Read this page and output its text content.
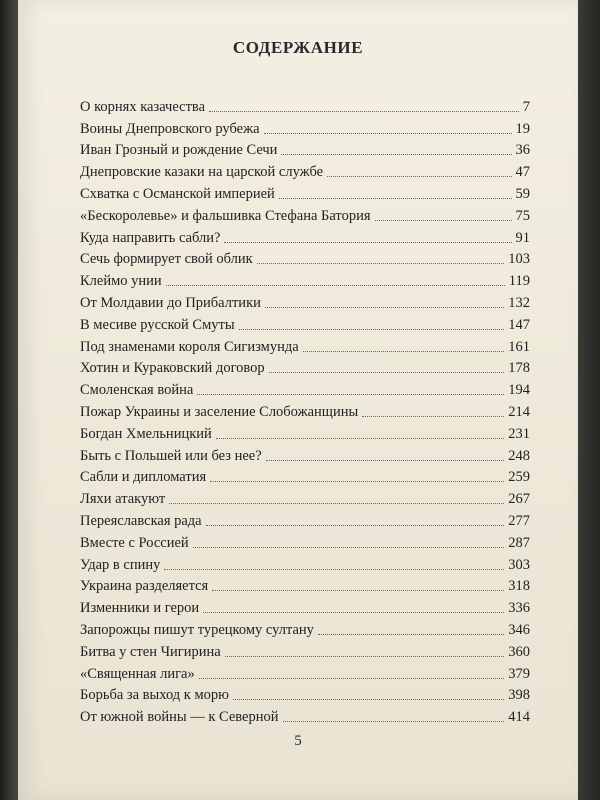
СОДЕРЖАНИЕ
О корнях казачества	7
Воины Днепровского рубежа	19
Иван Грозный и рождение Сечи	36
Днепровские казаки на царской службе	47
Схватка с Османской империей	59
«Бескоролевье» и фальшивка Стефана Батория	75
Куда направить сабли?	91
Сечь формирует свой облик	103
Клеймо унии	119
От Молдавии до Прибалтики	132
В месиве русской Смуты	147
Под знаменами короля Сигизмунда	161
Хотин и Кураковский договор	178
Смоленская война	194
Пожар Украины и заселение Слобожанщины	214
Богдан Хмельницкий	231
Быть с Польшей или без нее?	248
Сабли и дипломатия	259
Ляхи атакуют	267
Переяславская рада	277
Вместе с Россией	287
Удар в спину	303
Украина разделяется	318
Изменники и герои	336
Запорожцы пишут турецкому султану	346
Битва у стен Чигирина	360
«Священная лига»	379
Борьба за выход к морю	398
От южной войны — к Северной	414
5
